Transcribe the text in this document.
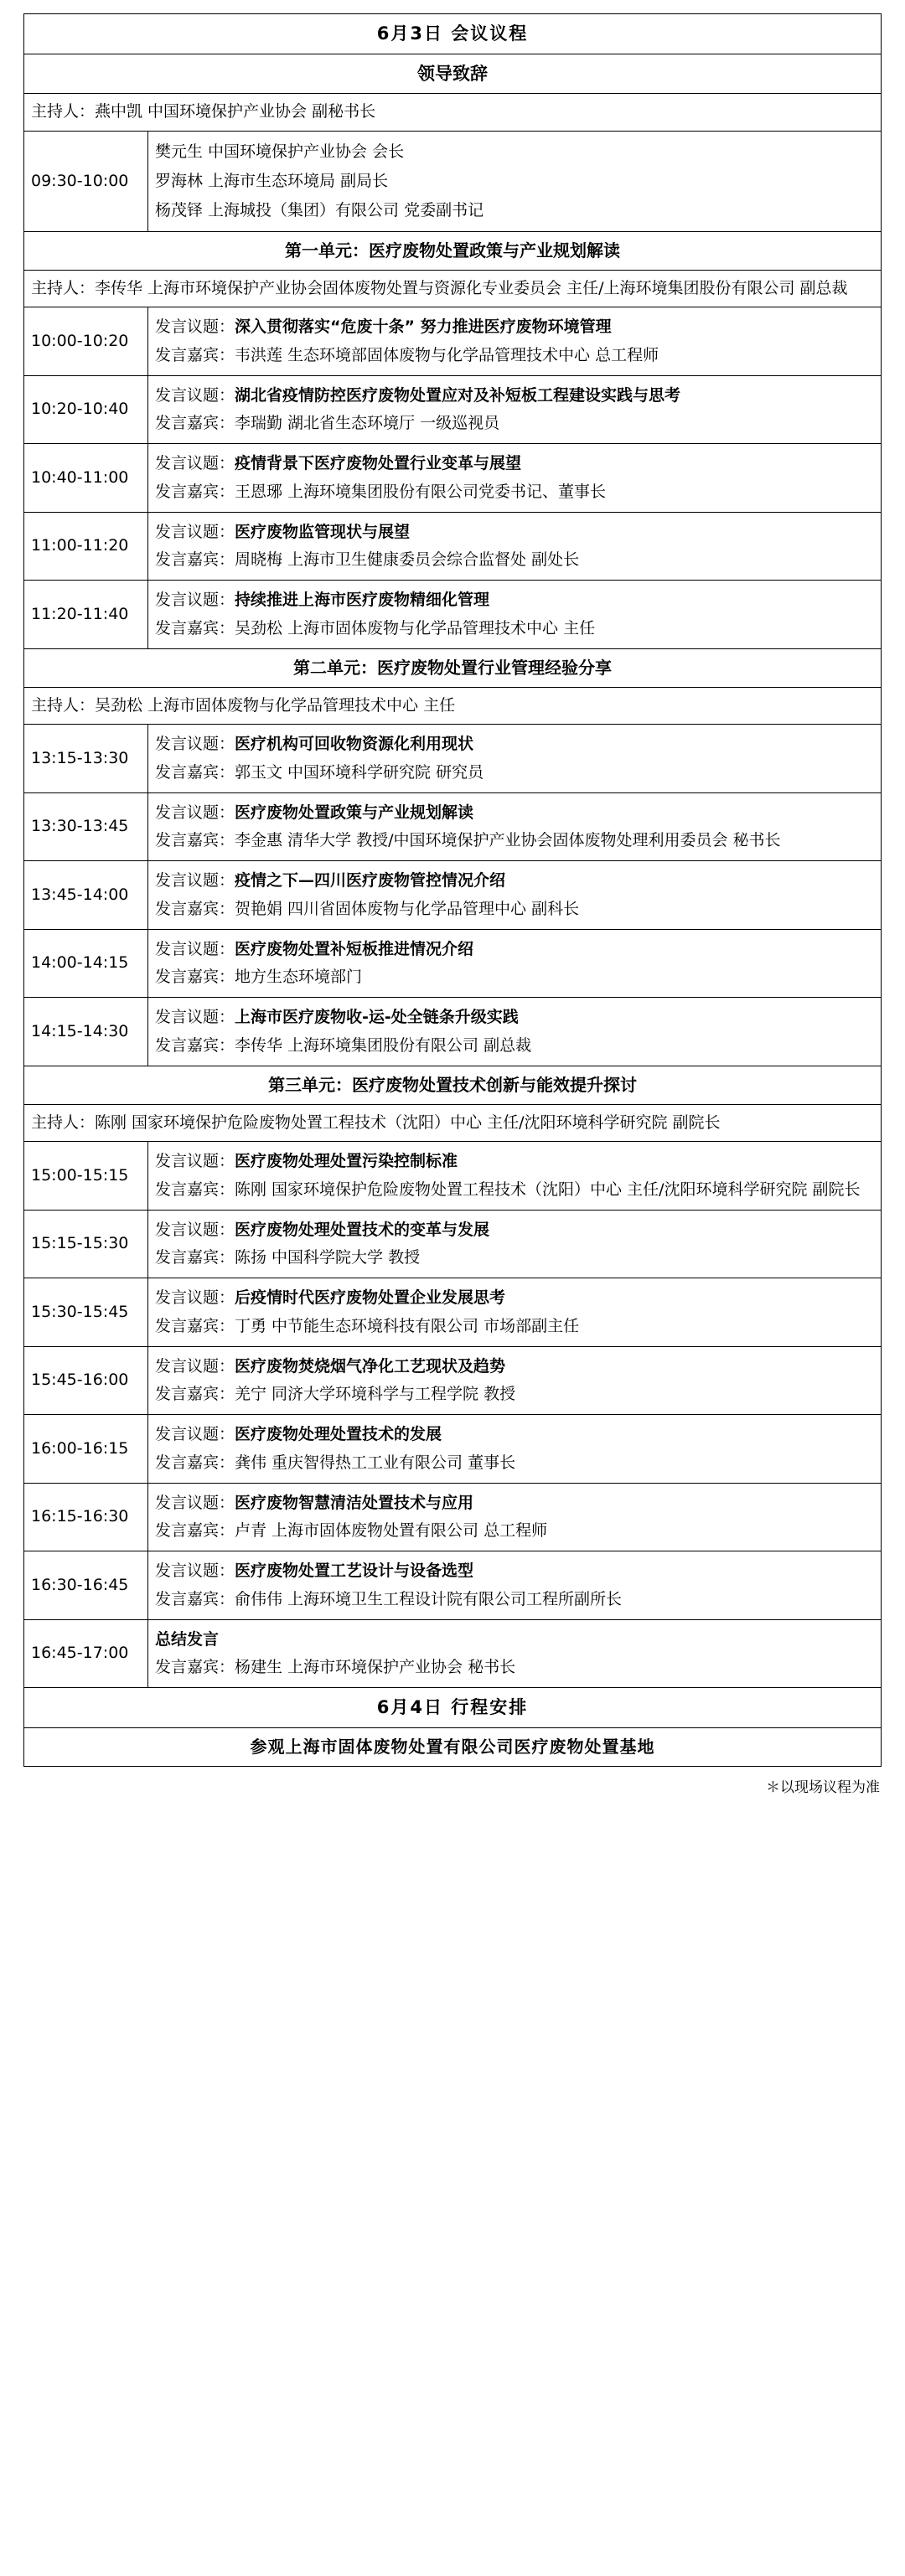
6月3日 会议议程	
领导致辞	
主持人：燕中凯 中国环境保护产业协会 副秘书长	
09:30-10:00	樊元生 中国环境保护产业协会 会长
罗海林 上海市生态环境局 副局长
杨茂铎 上海城投（集团）有限公司 党委副书记

第一单元：医疗废物处置政策与产业规划解读	
主持人：李传华 上海市环境保护产业协会固体废物处置与资源化专业委员会 主任/上海环境集团股份有限公司 副总裁	
10:00-10:20	发言议题：深入贯彻落实“危废十条” 努力推进医疗废物环境管理
发言嘉宾：韦洪莲 生态环境部固体废物与化学品管理技术中心 总工程师

10:20-10:40	发言议题：湖北省疫情防控医疗废物处置应对及补短板工程建设实践与思考
发言嘉宾：李瑞勤 湖北省生态环境厅 一级巡视员

10:40-11:00	发言议题：疫情背景下医疗废物处置行业变革与展望
发言嘉宾：王恩琊 上海环境集团股份有限公司党委书记、董事长

11:00-11:20	发言议题：医疗废物监管现状与展望
发言嘉宾：周晓梅 上海市卫生健康委员会综合监督处 副处长

11:20-11:40	发言议题：持续推进上海市医疗废物精细化管理
发言嘉宾：吴劲松 上海市固体废物与化学品管理技术中心 主任

第二单元：医疗废物处置行业管理经验分享	
主持人：吴劲松 上海市固体废物与化学品管理技术中心 主任	
13:15-13:30	发言议题：医疗机构可回收物资源化利用现状
发言嘉宾：郭玉文 中国环境科学研究院 研究员

13:30-13:45	发言议题：医疗废物处置政策与产业规划解读
发言嘉宾：李金惠 清华大学 教授/中国环境保护产业协会固体废物处理利用委员会 秘书长

13:45-14:00	发言议题：疫情之下—四川医疗废物管控情况介绍
发言嘉宾：贺艳娟 四川省固体废物与化学品管理中心 副科长

14:00-14:15	发言议题：医疗废物处置补短板推进情况介绍
发言嘉宾：地方生态环境部门

14:15-14:30	发言议题：上海市医疗废物收-运-处全链条升级实践
发言嘉宾：李传华 上海环境集团股份有限公司 副总裁

第三单元：医疗废物处置技术创新与能效提升探讨	
主持人：陈刚 国家环境保护危险废物处置工程技术（沈阳）中心 主任/沈阳环境科学研究院 副院长	
15:00-15:15	发言议题：医疗废物处理处置污染控制标准
发言嘉宾：陈刚 国家环境保护危险废物处置工程技术（沈阳）中心 主任/沈阳环境科学研究院 副院长

15:15-15:30	发言议题：医疗废物处理处置技术的变革与发展
发言嘉宾：陈扬 中国科学院大学 教授

15:30-15:45	发言议题：后疫情时代医疗废物处置企业发展思考
发言嘉宾：丁勇 中节能生态环境科技有限公司 市场部副主任

15:45-16:00	发言议题：医疗废物焚烧烟气净化工艺现状及趋势
发言嘉宾：羌宁 同济大学环境科学与工程学院 教授

16:00-16:15	发言议题：医疗废物处理处置技术的发展
发言嘉宾：龚伟 重庆智得热工工业有限公司 董事长

16:15-16:30	发言议题：医疗废物智慧清洁处置技术与应用
发言嘉宾：卢青 上海市固体废物处置有限公司 总工程师

16:30-16:45	发言议题：医疗废物处置工艺设计与设备选型
发言嘉宾：俞伟伟 上海环境卫生工程设计院有限公司工程所副所长

16:45-17:00	总结发言
发言嘉宾：杨建生 上海市环境保护产业协会 秘书长

6月4日 行程安排	
参观上海市固体废物处置有限公司医疗废物处置基地	
＊以现场议程为准
